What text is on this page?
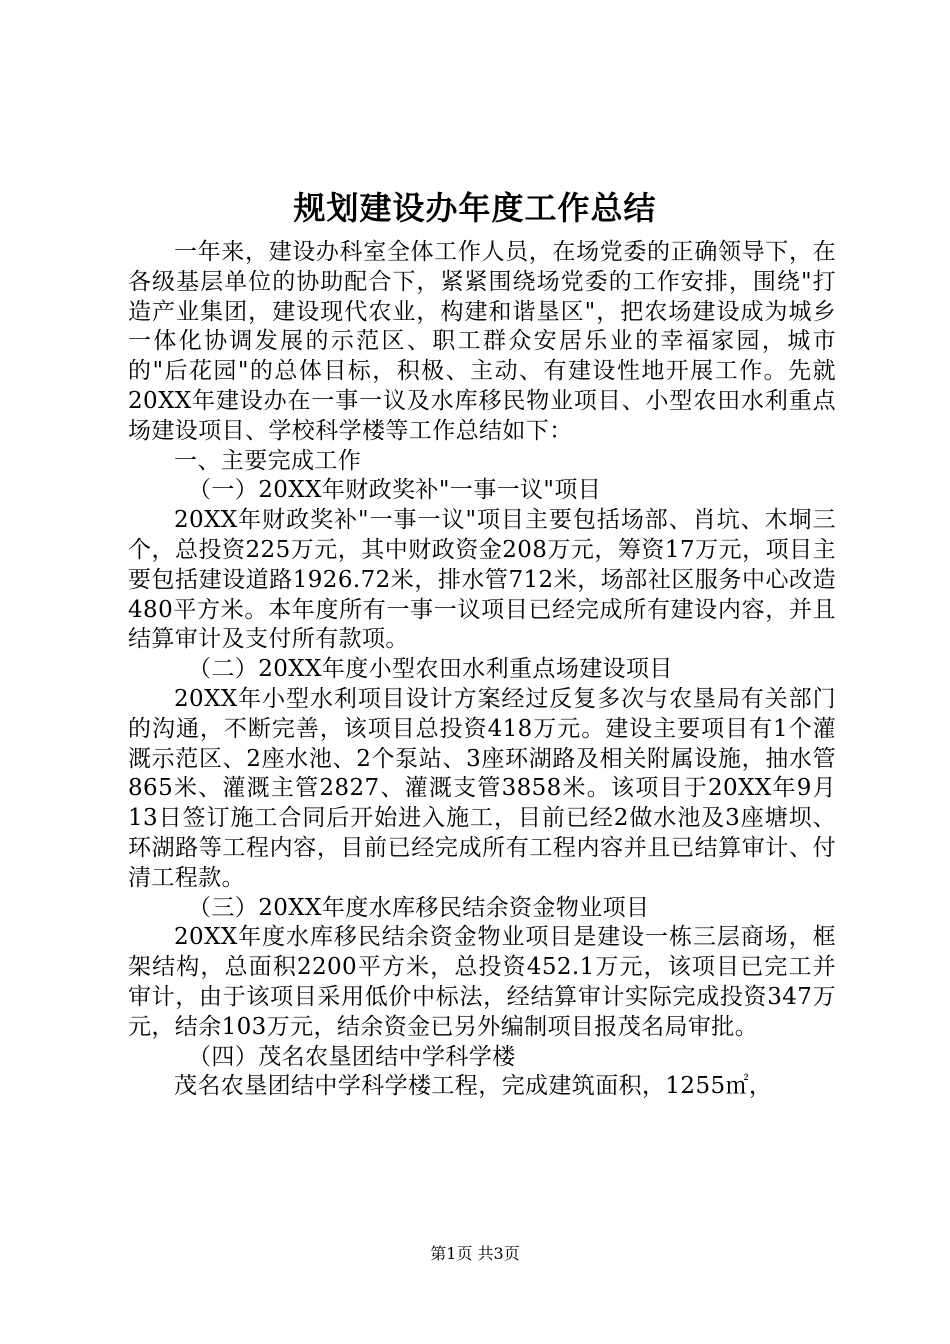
规划建设办年度工作总结

一年来，建设办科室全体工作人员，在场党委的正确领导下，在各级基层单位的协助配合下，紧紧围绕场党委的工作安排，围绕"打造产业集团，建设现代农业，构建和谐垦区"，把农场建设成为城乡一体化协调发展的示范区、职工群众安居乐业的幸福家园，城市的"后花园"的总体目标，积极、主动、有建设性地开展工作。先就20XX年建设办在一事一议及水库移民物业项目、小型农田水利重点场建设项目、学校科学楼等工作总结如下：

一、主要完成工作

（一）20XX年财政奖补"一事一议"项目

20XX年财政奖补"一事一议"项目主要包括场部、肖坑、木垌三个，总投资225万元，其中财政资金208万元，筹资17万元，项目主要包括建设道路1926.72米，排水管712米，场部社区服务中心改造480平方米。本年度所有一事一议项目已经完成所有建设内容，并且结算审计及支付所有款项。

（二）20XX年度小型农田水利重点场建设项目

20XX年小型水利项目设计方案经过反复多次与农垦局有关部门的沟通，不断完善，该项目总投资418万元。建设主要项目有1个灌溉示范区、2座水池、2个泵站、3座环湖路及相关附属设施，抽水管865米、灌溉主管2827、灌溉支管3858米。该项目于20XX年9月13日签订施工合同后开始进入施工，目前已经2做水池及3座塘坝、环湖路等工程内容，目前已经完成所有工程内容并且已结算审计、付清工程款。

（三）20XX年度水库移民结余资金物业项目

20XX年度水库移民结余资金物业项目是建设一栋三层商场，框架结构，总面积2200平方米，总投资452.1万元，该项目已完工并审计，由于该项目采用低价中标法，经结算审计实际完成投资347万元，结余103万元，结余资金已另外编制项目报茂名局审批。

（四）茂名农垦团结中学科学楼

茂名农垦团结中学科学楼工程，完成建筑面积，1255㎡，

第1页 共3页
